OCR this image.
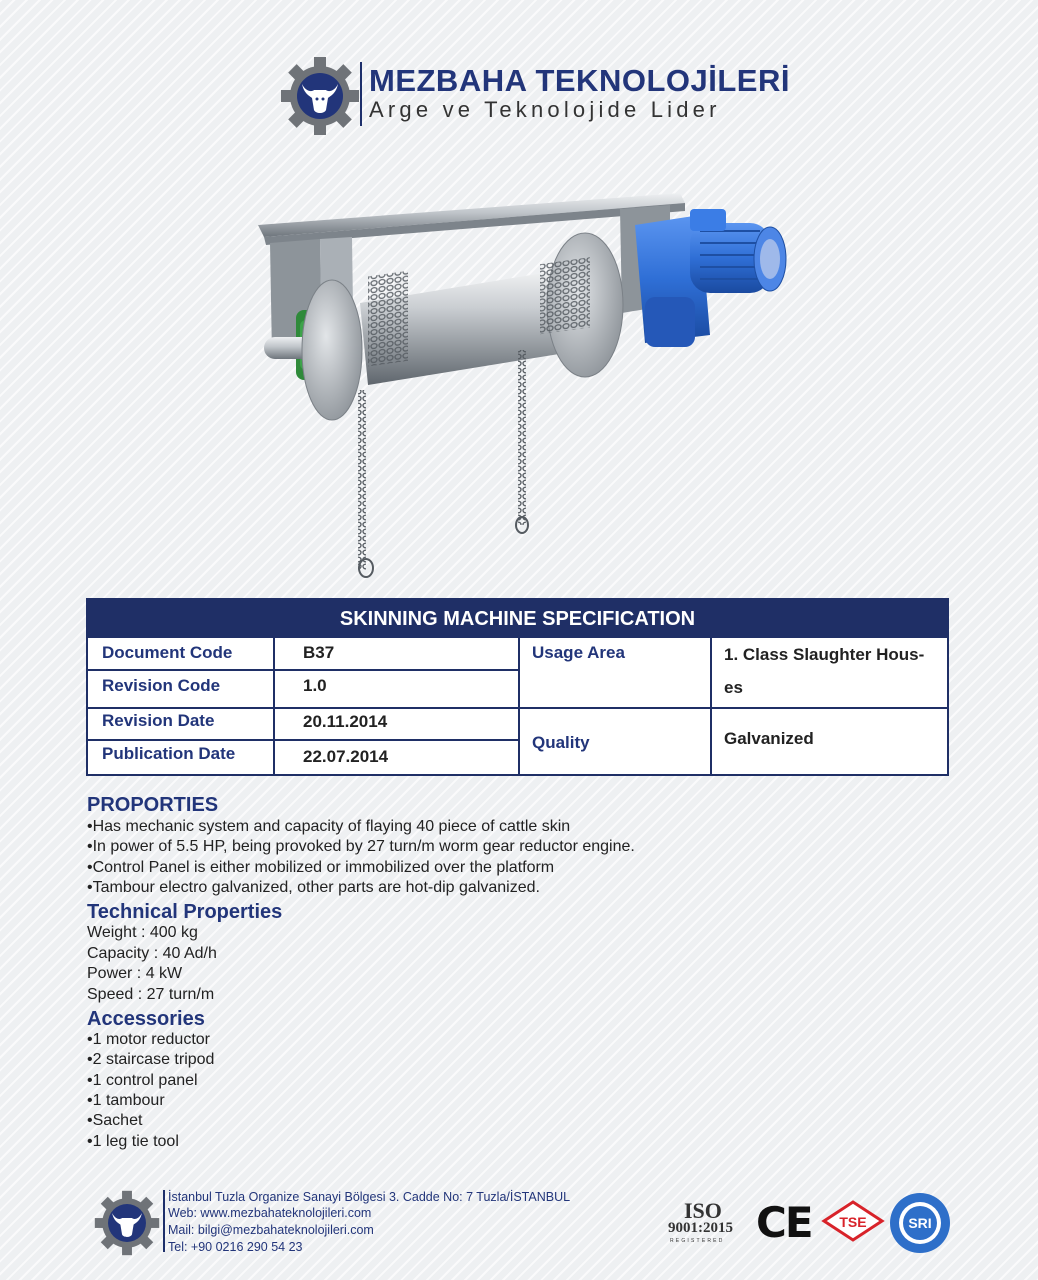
MEZBAHA TEKNOLOJİLERİ
Arge ve Teknolojide Lider
SKINNING MACHINE SPECIFICATION
Document Code	B37
Revision Code	1.0
Revision Date	20.11.2014
Publication Date	22.07.2014
Usage Area	1. Class Slaughter Hous-
es
Quality	Galvanized
PROPORTIES
•Has mechanic system and capacity of flaying 40 piece of cattle skin
•In power of 5.5 HP, being provoked by 27 turn/m worm gear reductor engine.
•Control Panel is either mobilized or immobilized over the platform
•Tambour electro galvanized, other parts are hot-dip galvanized.
Technical Properties
Weight : 400 kg
Capacity : 40 Ad/h
Power : 4 kW
Speed : 27 turn/m
Accessories
•1 motor reductor
•2 staircase tripod
•1 control panel
•1 tambour
•Sachet
•1 leg tie tool
İstanbul Tuzla Organize Sanayi Bölgesi 3. Cadde No: 7 Tuzla/İSTANBUL
Web: www.mezbahateknolojileri.com
Mail: bilgi@mezbahateknolojileri.com
Tel: +90 0216 290 54 23
ISO
9001:2015
REGISTERED CE TSE	SRI
